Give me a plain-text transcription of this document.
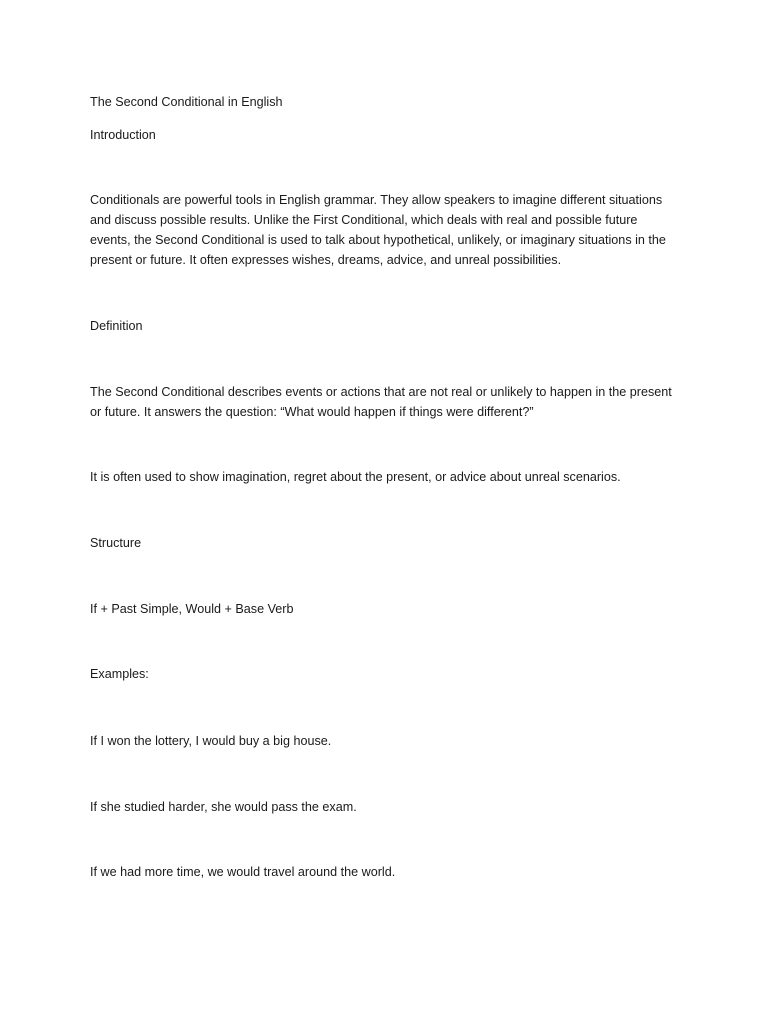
The Second Conditional in English
Introduction
Conditionals are powerful tools in English grammar. They allow speakers to imagine different situations
and discuss possible results. Unlike the First Conditional, which deals with real and possible future
events, the Second Conditional is used to talk about hypothetical, unlikely, or imaginary situations in the
present or future. It often expresses wishes, dreams, advice, and unreal possibilities.
Definition
The Second Conditional describes events or actions that are not real or unlikely to happen in the present
or future. It answers the question: “What would happen if things were different?”
It is often used to show imagination, regret about the present, or advice about unreal scenarios.
Structure
If + Past Simple, Would + Base Verb
Examples:
If I won the lottery, I would buy a big house.
If she studied harder, she would pass the exam.
If we had more time, we would travel around the world.
